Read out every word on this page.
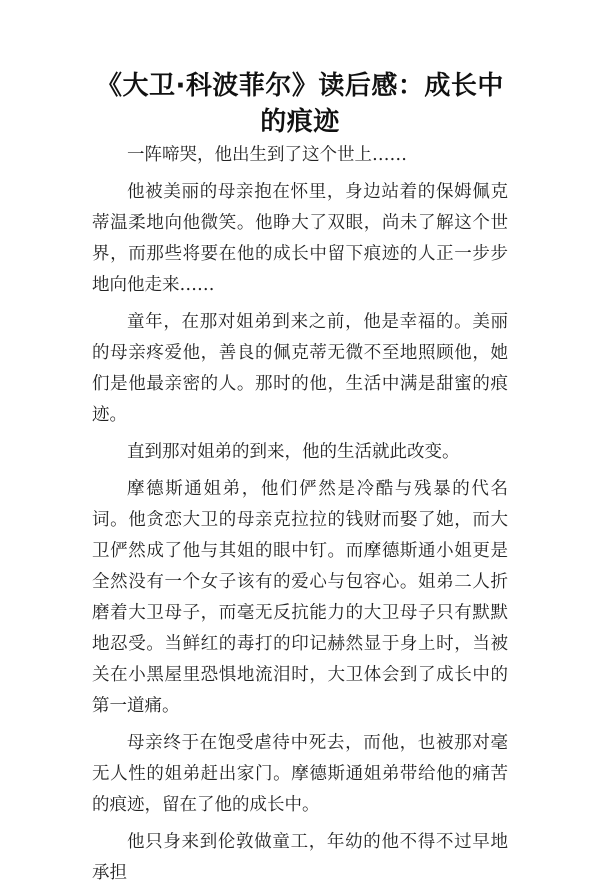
《大卫·科波菲尔》读后感：成长中的痕迹

一阵啼哭，他出生到了这个世上……

他被美丽的母亲抱在怀里，身边站着的保姆佩克蒂温柔地向他微笑。他睁大了双眼，尚未了解这个世界，而那些将要在他的成长中留下痕迹的人正一步步地向他走来……

童年，在那对姐弟到来之前，他是幸福的。美丽的母亲疼爱他，善良的佩克蒂无微不至地照顾他，她们是他最亲密的人。那时的他，生活中满是甜蜜的痕迹。

直到那对姐弟的到来，他的生活就此改变。

摩德斯通姐弟，他们俨然是冷酷与残暴的代名词。他贪恋大卫的母亲克拉拉的钱财而娶了她，而大卫俨然成了他与其姐的眼中钉。而摩德斯通小姐更是全然没有一个女子该有的爱心与包容心。姐弟二人折磨着大卫母子，而毫无反抗能力的大卫母子只有默默地忍受。当鲜红的毒打的印记赫然显于身上时，当被关在小黑屋里恐惧地流泪时，大卫体会到了成长中的第一道痛。

母亲终于在饱受虐待中死去，而他，也被那对毫无人性的姐弟赶出家门。摩德斯通姐弟带给他的痛苦的痕迹，留在了他的成长中。

他只身来到伦敦做童工，年幼的他不得不过早地承担
